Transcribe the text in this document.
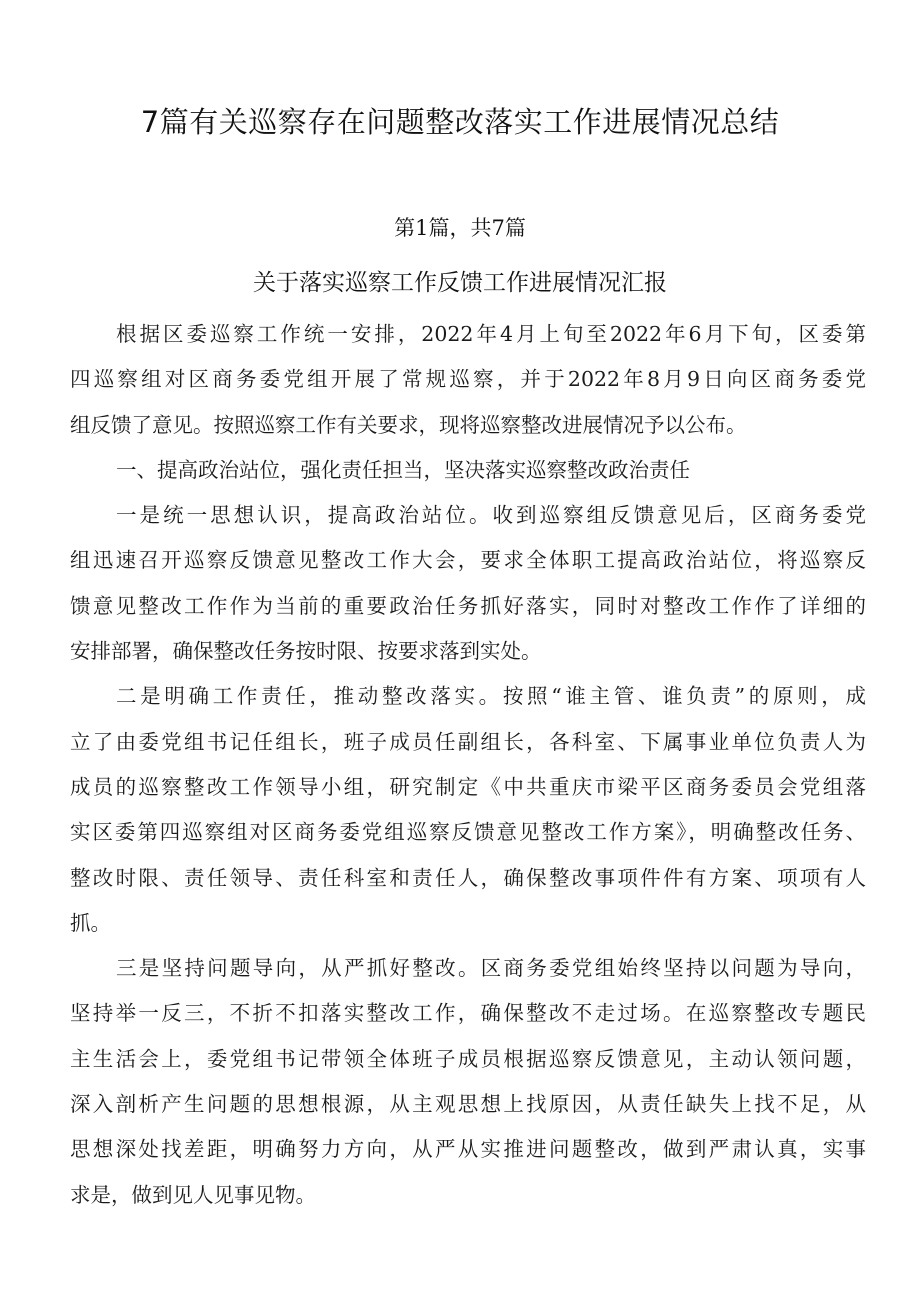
7篇有关巡察存在问题整改落实工作进展情况总结
第1篇，共7篇
关于落实巡察工作反馈工作进展情况汇报
根据区委巡察工作统一安排，2022年4月上旬至2022年6月下旬，区委第
四巡察组对区商务委党组开展了常规巡察，并于2022年8月9日向区商务委党
组反馈了意见。按照巡察工作有关要求，现将巡察整改进展情况予以公布。
一、提高政治站位，强化责任担当，坚决落实巡察整改政治责任
一是统一思想认识，提高政治站位。收到巡察组反馈意见后，区商务委党
组迅速召开巡察反馈意见整改工作大会，要求全体职工提高政治站位，将巡察反
馈意见整改工作作为当前的重要政治任务抓好落实，同时对整改工作作了详细的
安排部署，确保整改任务按时限、按要求落到实处。
二是明确工作责任，推动整改落实。按照“谁主管、谁负责”的原则，成
立了由委党组书记任组长，班子成员任副组长，各科室、下属事业单位负责人为
成员的巡察整改工作领导小组，研究制定《中共重庆市梁平区商务委员会党组落
实区委第四巡察组对区商务委党组巡察反馈意见整改工作方案》，明确整改任务、
整改时限、责任领导、责任科室和责任人，确保整改事项件件有方案、项项有人
抓。
三是坚持问题导向，从严抓好整改。区商务委党组始终坚持以问题为导向，
坚持举一反三，不折不扣落实整改工作，确保整改不走过场。在巡察整改专题民
主生活会上，委党组书记带领全体班子成员根据巡察反馈意见，主动认领问题，
深入剖析产生问题的思想根源，从主观思想上找原因，从责任缺失上找不足，从
思想深处找差距，明确努力方向，从严从实推进问题整改，做到严肃认真，实事
求是，做到见人见事见物。
